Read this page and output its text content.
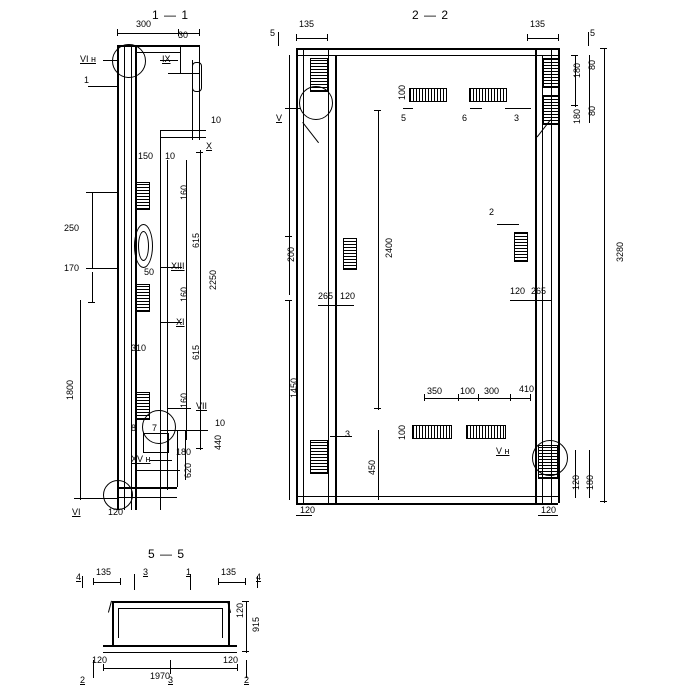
1 — 1	2 — 2
5 — 5
300
30
10
150 10
160
250
615
2250
170	50
160
310	615
1800
160
10
440
180
620
120
VI н	IX
X
XIII
XI
VII
XV н
VI
8 7
1
135
5
135
5
180 80
100
180 80
2400
200	3280
265 120	120 265
1450	350 100 300 410
100
450
120 180
120	120
V
V н
5	6	3
2
3
135	135
120
915
120	120
1970
4	3	1	4
2	2
3
